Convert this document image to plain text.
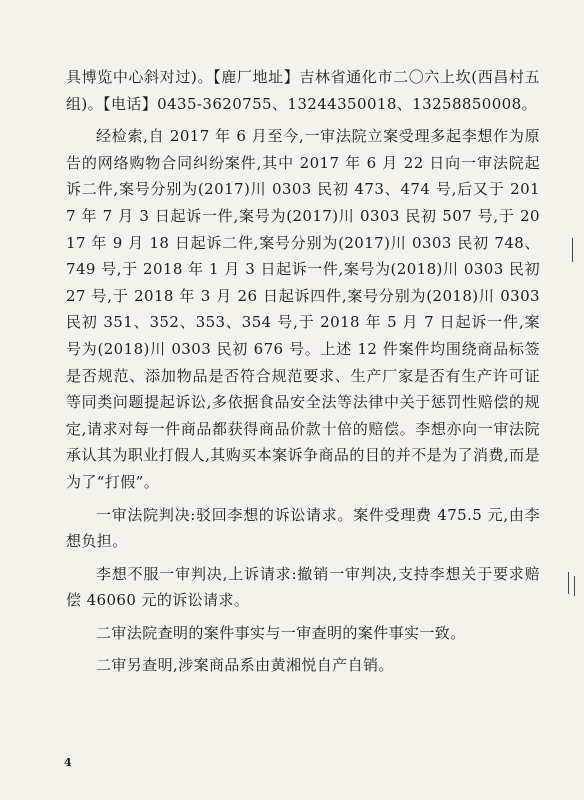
具博览中心斜对过)。【鹿厂地址】吉林省通化市二〇六上坎(西昌村五组)。【电话】0435-3620755、13244350018、13258850008。

经检索,自 2017 年 6 月至今,一审法院立案受理多起李想作为原告的网络购物合同纠纷案件,其中 2017 年 6 月 22 日向一审法院起诉二件,案号分别为(2017)川 0303 民初 473、474 号,后又于 2017 年 7 月 3 日起诉一件,案号为(2017)川 0303 民初 507 号,于 2017 年 9 月 18 日起诉二件,案号分别为(2017)川 0303 民初 748、749 号,于 2018 年 1 月 3 日起诉一件,案号为(2018)川 0303 民初 27 号,于 2018 年 3 月 26 日起诉四件,案号分别为(2018)川 0303 民初 351、352、353、354 号,于 2018 年 5 月 7 日起诉一件,案号为(2018)川 0303 民初 676 号。上述 12 件案件均围绕商品标签是否规范、添加物品是否符合规范要求、生产厂家是否有生产许可证等同类问题提起诉讼,多依据食品安全法等法律中关于惩罚性赔偿的规定,请求对每一件商品都获得商品价款十倍的赔偿。李想亦向一审法院承认其为职业打假人,其购买本案诉争商品的目的并不是为了消费,而是为了“打假”。

一审法院判决:驳回李想的诉讼请求。案件受理费 475.5 元,由李想负担。

李想不服一审判决,上诉请求:撤销一审判决,支持李想关于要求赔偿 46060 元的诉讼请求。

二审法院查明的案件事实与一审查明的案件事实一致。

二审另查明,涉案商品系由黄湘悦自产自销。

4
